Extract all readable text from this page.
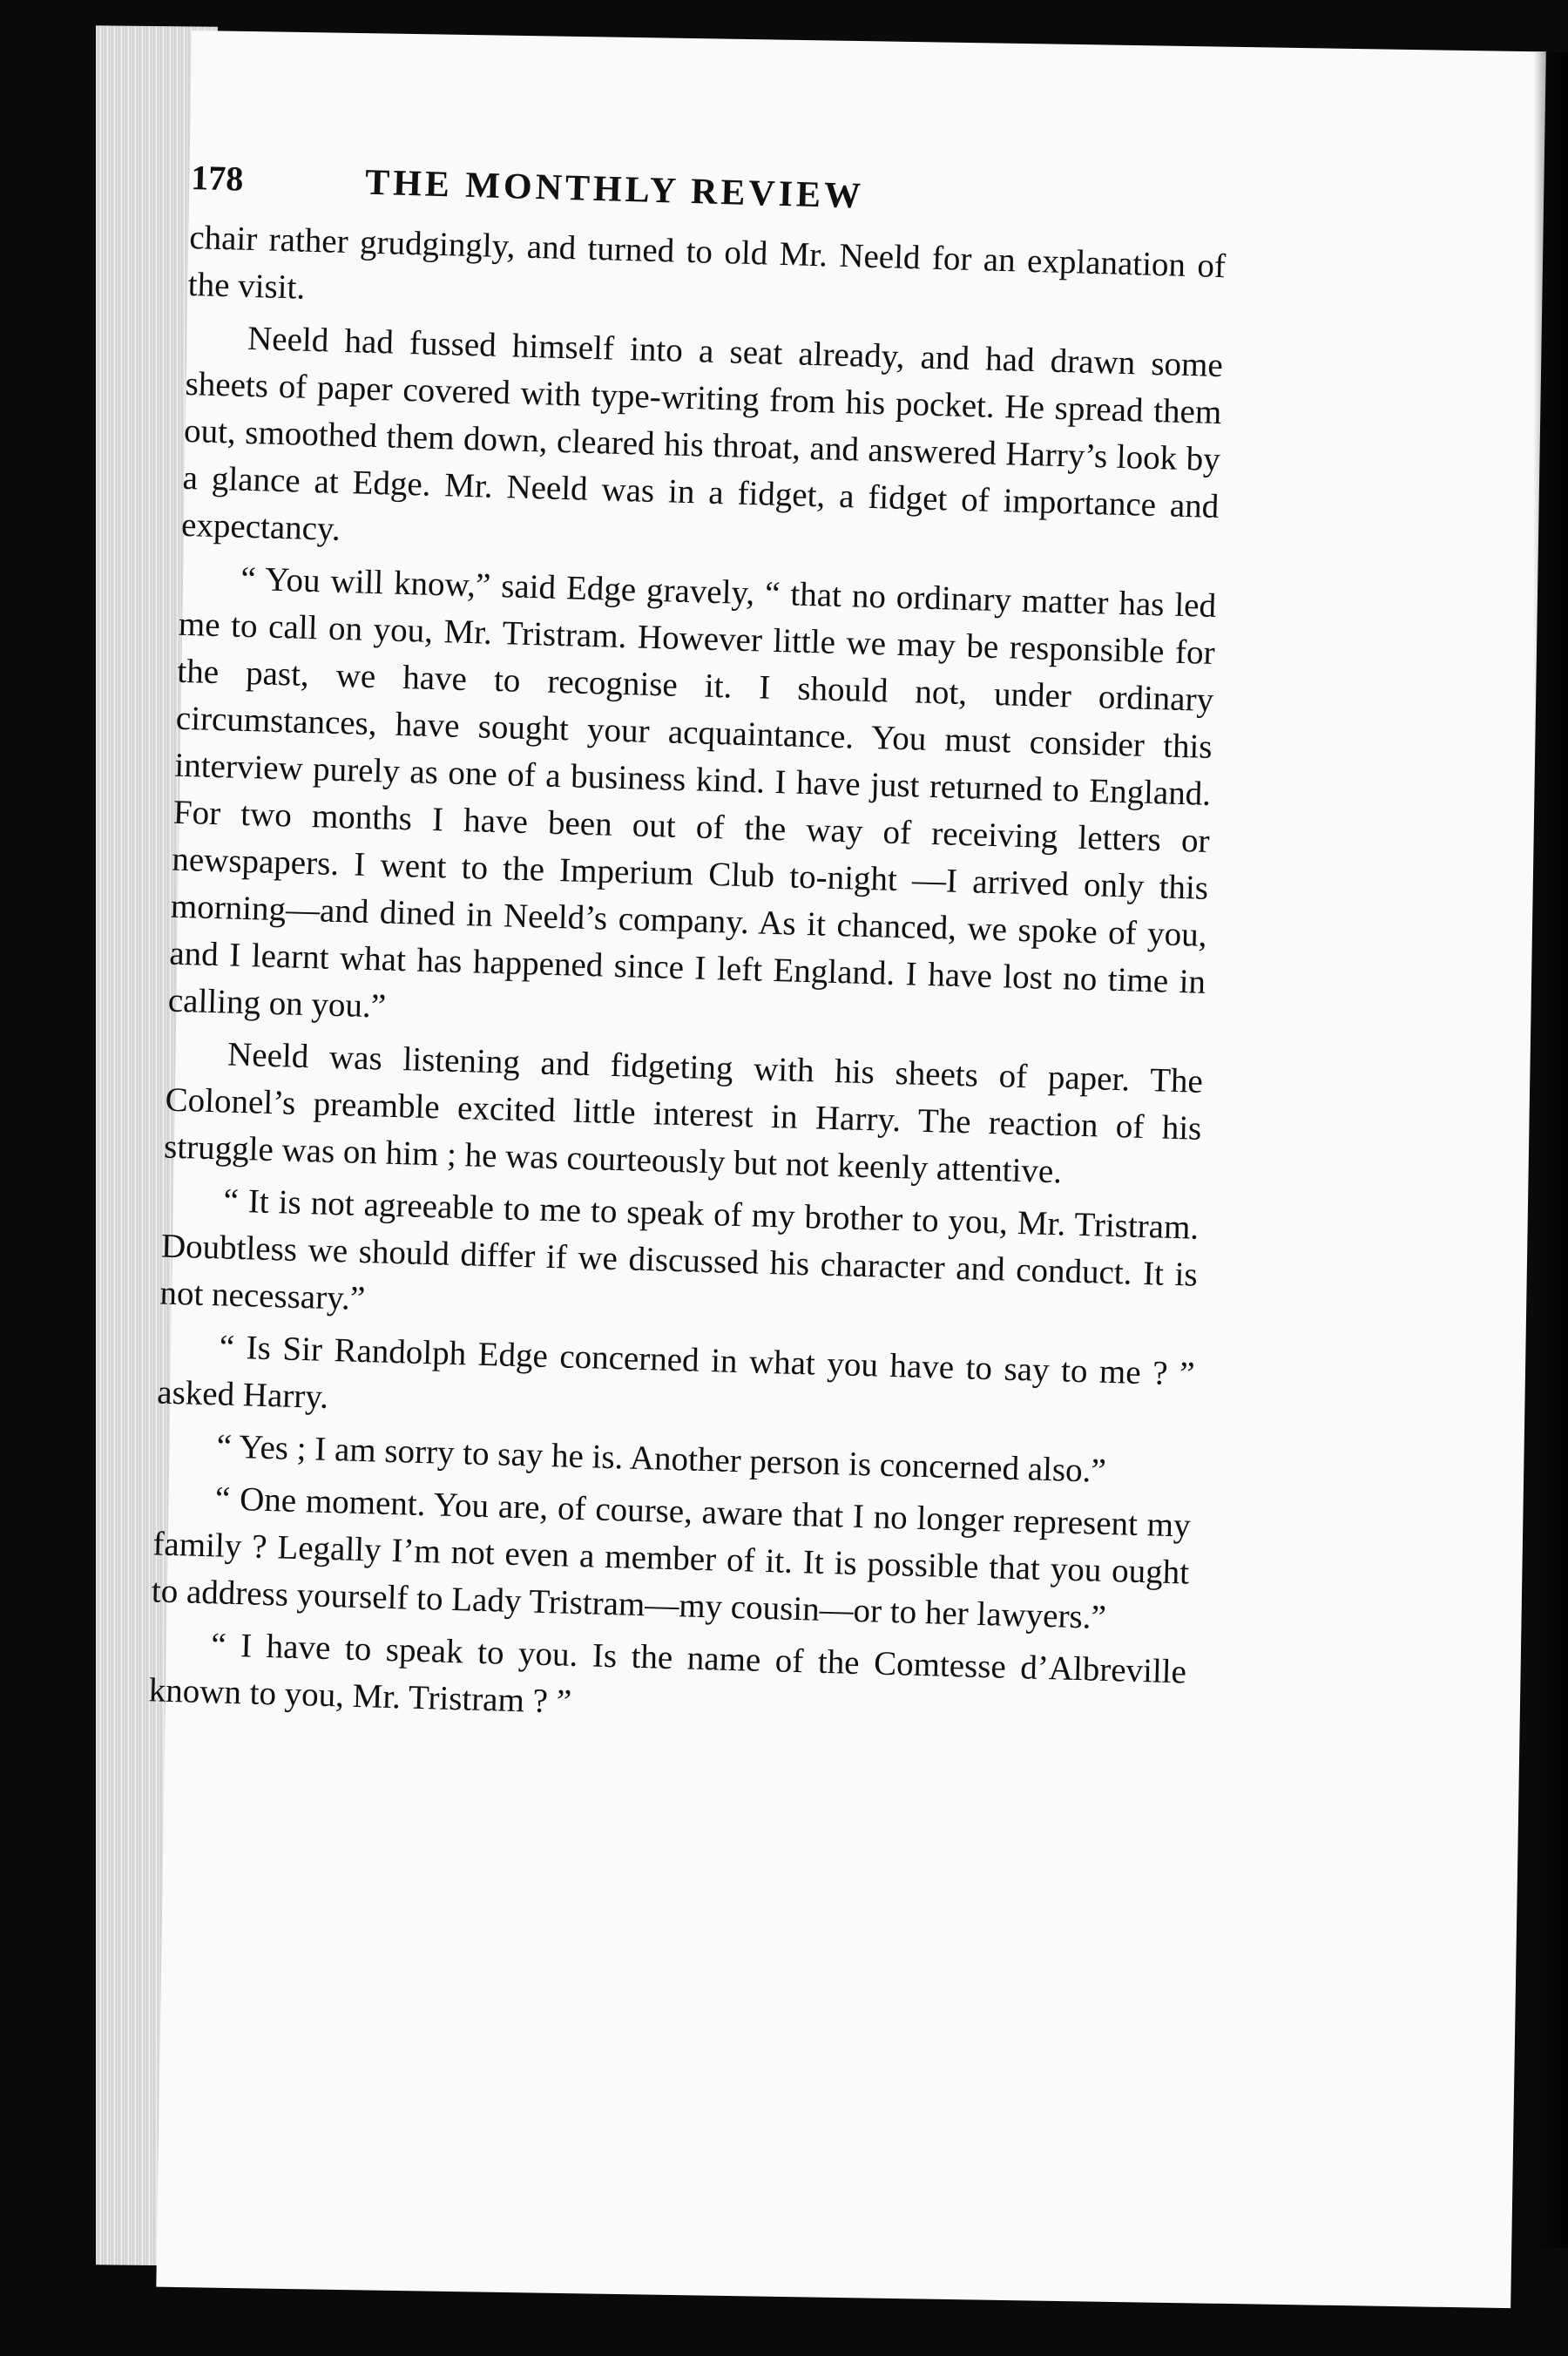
178	THE MONTHLY REVIEW

chair rather grudgingly, and turned to old Mr. Neeld for an explanation of the visit.

Neeld had fussed himself into a seat already, and had drawn some sheets of paper covered with type-writing from his pocket. He spread them out, smoothed them down, cleared his throat, and answered Harry’s look by a glance at Edge. Mr. Neeld was in a fidget, a fidget of importance and expectancy.

“ You will know,” said Edge gravely, “ that no ordinary matter has led me to call on you, Mr. Tristram. However little we may be responsible for the past, we have to recognise it. I should not, under ordinary circumstances, have sought your acquaintance. You must consider this interview purely as one of a business kind. I have just returned to England. For two months I have been out of the way of receiving letters or newspapers. I went to the Imperium Club to-night —I arrived only this morning—and dined in Neeld’s company. As it chanced, we spoke of you, and I learnt what has happened since I left England. I have lost no time in calling on you.”

Neeld was listening and fidgeting with his sheets of paper. The Colonel’s preamble excited little interest in Harry. The reaction of his struggle was on him ; he was courteously but not keenly attentive.

“ It is not agreeable to me to speak of my brother to you, Mr. Tristram. Doubtless we should differ if we discussed his character and conduct. It is not necessary.”

“ Is Sir Randolph Edge concerned in what you have to say to me ? ” asked Harry.

“ Yes ; I am sorry to say he is. Another person is concerned also.”

“ One moment. You are, of course, aware that I no longer represent my family ? Legally I’m not even a member of it. It is possible that you ought to address yourself to Lady Tristram—my cousin—or to her lawyers.”

“ I have to speak to you. Is the name of the Comtesse d’Albreville known to you, Mr. Tristram ? ”
